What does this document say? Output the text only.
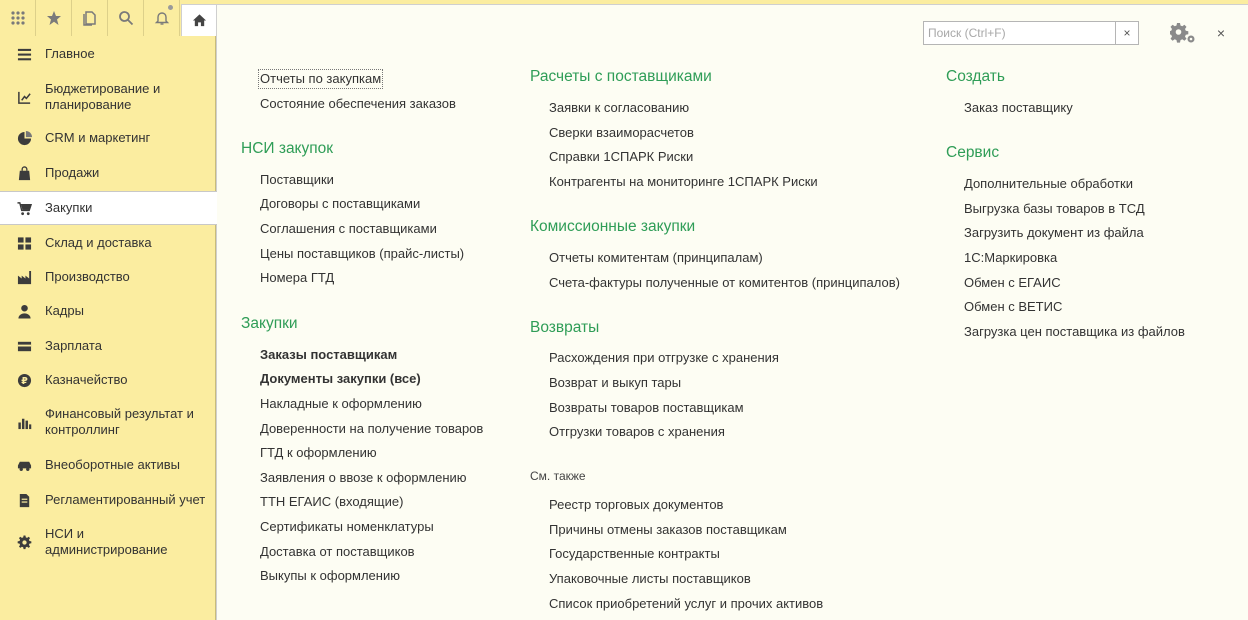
Главное
Бюджетирование и планирование
CRM и маркетинг
Продажи
Закупки
Склад и доставка
Производство
Кадры
Зарплата
₽ Казначейство
Финансовый результат и контроллинг
Внеоборотные активы
Регламентированный учет
НСИ и администрирование
Поиск (Ctrl+F)
×	×
Отчеты по закупкам
Состояние обеспечения заказов
НСИ закупок
Поставщики
Договоры с поставщиками
Соглашения с поставщиками
Цены поставщиков (прайс-листы)
Номера ГТД
Закупки
Заказы поставщикам
Документы закупки (все)
Накладные к оформлению
Доверенности на получение товаров
ГТД к оформлению
Заявления о ввозе к оформлению
ТТН ЕГАИС (входящие)
Сертификаты номенклатуры
Доставка от поставщиков
Выкупы к оформлению
Расчеты с поставщиками
Заявки к согласованию
Сверки взаиморасчетов
Справки 1СПАРК Риски
Контрагенты на мониторинге 1СПАРК Риски
Комиссионные закупки
Отчеты комитентам (принципалам)
Счета-фактуры полученные от комитентов (принципалов)
Возвраты
Расхождения при отгрузке с хранения
Возврат и выкуп тары
Возвраты товаров поставщикам
Отгрузки товаров с хранения
См. также
Реестр торговых документов
Причины отмены заказов поставщикам
Государственные контракты
Упаковочные листы поставщиков
Список приобретений услуг и прочих активов
Создать
Заказ поставщику
Сервис
Дополнительные обработки
Выгрузка базы товаров в ТСД
Загрузить документ из файла
1С:Маркировка
Обмен с ЕГАИС
Обмен с ВЕТИС
Загрузка цен поставщика из файлов
